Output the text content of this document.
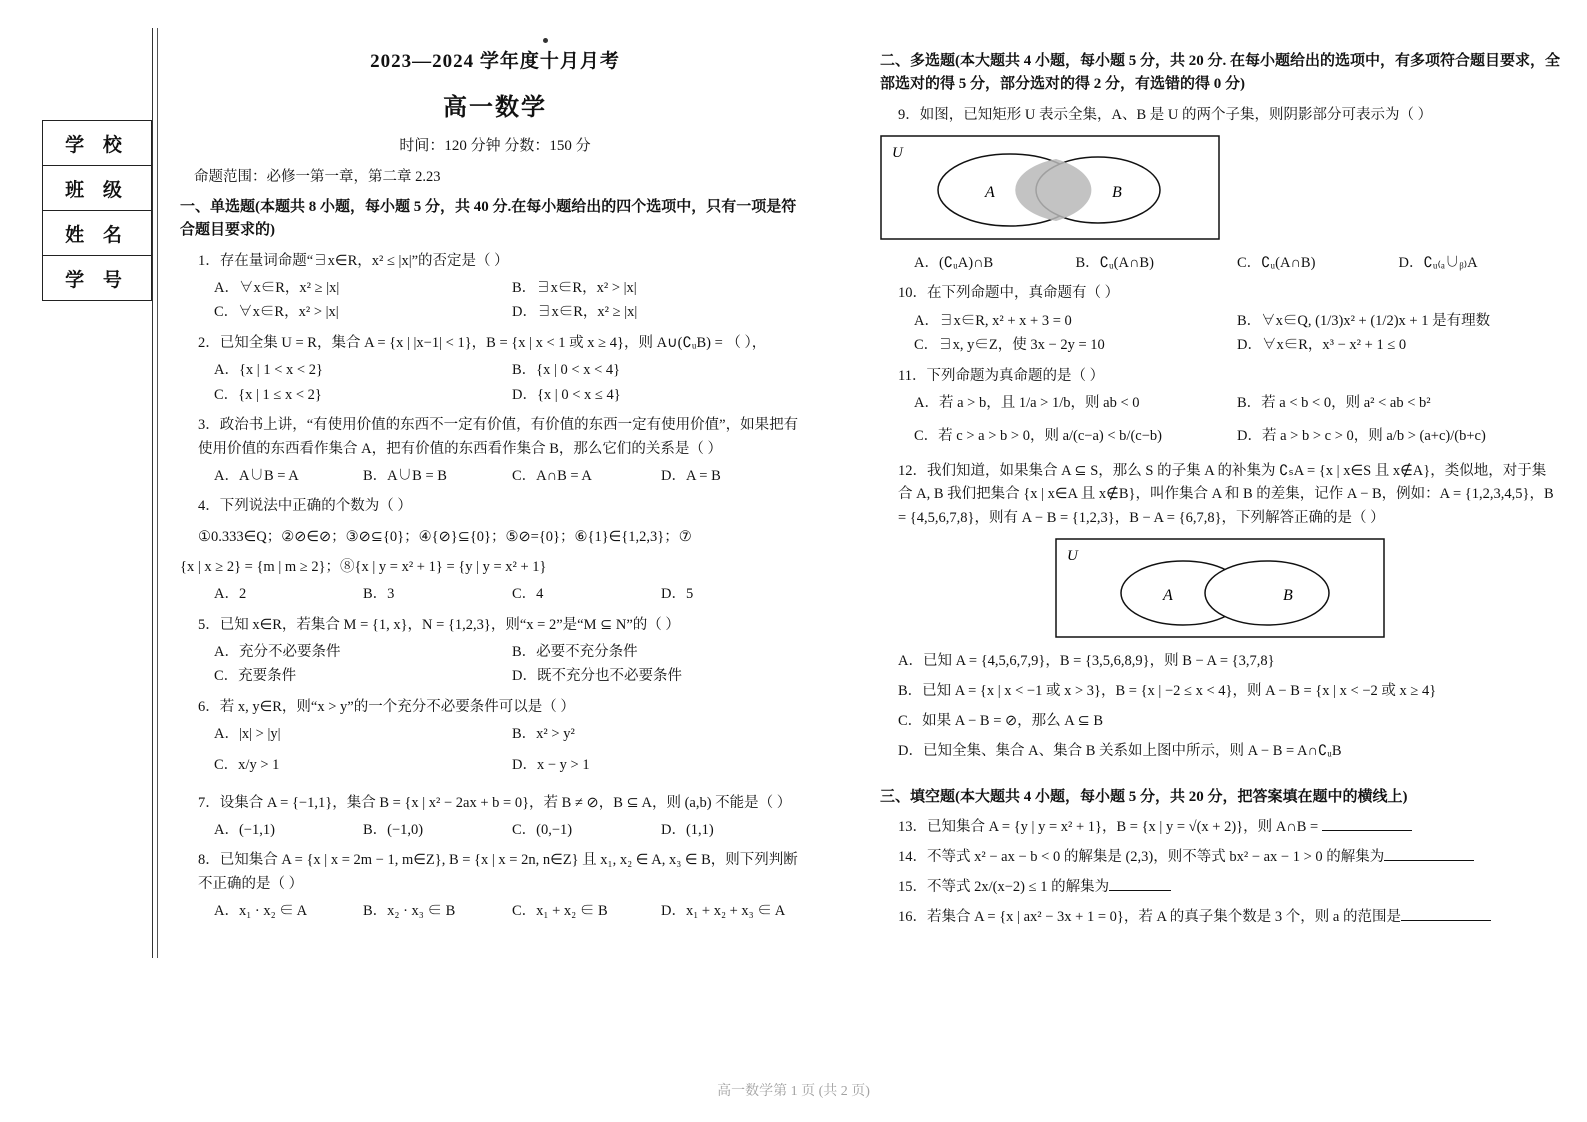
学 校
班 级
姓 名
学 号
2023—2024 学年度十月月考
高一数学
时间：120 分钟 分数：150 分
命题范围：必修一第一章，第二章 2.23
一、单选题(本题共 8 小题，每小题 5 分，共 40 分.在每小题给出的四个选项中，只有一项是符合题目要求的)
1．存在量词命题“∃x∈R，x² ≤ |x|”的否定是（ ）
A．∀x∈R，x² ≥ |x|	B．∃x∈R，x² > |x|
C．∀x∈R，x² > |x|	D．∃x∈R，x² ≥ |x|
2．已知全集 U = R，集合 A = {x | |x−1| < 1}，B = {x | x < 1 或 x ≥ 4}，则 A∪(∁ᵤB) = （ ），
A．{x | 1 < x < 2}	B．{x | 0 < x < 4}
C．{x | 1 ≤ x < 2}	D．{x | 0 < x ≤ 4}
3．政治书上讲，“有使用价值的东西不一定有价值，有价值的东西一定有使用价值”，如果把有使用价值的东西看作集合 A，把有价值的东西看作集合 B，那么它们的关系是（ ）
A．A∪B = A	B．A∪B = B	C．A∩B = A	D．A = B
4．下列说法中正确的个数为（ ）
①0.333∈Q；②⊘∈⊘；③⊘⊆{0}；④{⊘}⊆{0}；⑤⊘={0}；⑥{1}∈{1,2,3}；⑦
{x | x ≥ 2} = {m | m ≥ 2}；⑧{x | y = x² + 1} = {y | y = x² + 1}
A．2	B．3	C．4	D．5
5．已知 x∈R，若集合 M = {1, x}，N = {1,2,3}，则“x = 2”是“M ⊆ N”的（ ）
A．充分不必要条件	B．必要不充分条件
C．充要条件	D．既不充分也不必要条件
6．若 x, y∈R，则“x > y”的一个充分不必要条件可以是（ ）
A．|x| > |y|	B．x² > y²
C．x/y > 1	D．x − y > 1
7．设集合 A = {−1,1}，集合 B = {x | x² − 2ax + b = 0}，若 B ≠ ⊘，B ⊆ A，则 (a,b) 不能是（ ）
A．(−1,1)	B．(−1,0)	C．(0,−1)	D．(1,1)
8．已知集合 A = {x | x = 2m − 1, m∈Z}, B = {x | x = 2n, n∈Z} 且 x₁, x₂ ∈ A, x₃ ∈ B，则下列判断不正确的是（ ）
A．x₁ · x₂ ∈ A	B．x₂ · x₃ ∈ B	C．x₁ + x₂ ∈ B	D．x₁ + x₂ + x₃ ∈ A
二、多选题(本大题共 4 小题，每小题 5 分，共 20 分. 在每小题给出的选项中，有多项符合题目要求，全部选对的得 5 分，部分选对的得 2 分，有选错的得 0 分)
9．如图，已知矩形 U 表示全集，A、B 是 U 的两个子集，则阴影部分可表示为（ ）
U
A	B
A．(∁ᵤA)∩B	B．∁ᵤ(A∩B)	C．∁ᵤ(A∩B)	D．∁ᵤ₍ₐ∪ᵦ₎A
10．在下列命题中，真命题有（ ）
A．∃x∈R, x² + x + 3 = 0	B．∀x∈Q, (1/3)x² + (1/2)x + 1 是有理数
C．∃x, y∈Z，使 3x − 2y = 10	D．∀x∈R，x³ − x² + 1 ≤ 0
11．下列命题为真命题的是（ ）
A．若 a > b，且 1/a > 1/b，则 ab < 0	B．若 a < b < 0，则 a² < ab < b²
C．若 c > a > b > 0，则 a/(c−a) < b/(c−b)	D．若 a > b > c > 0，则 a/b > (a+c)/(b+c)
12．我们知道，如果集合 A ⊆ S，那么 S 的子集 A 的补集为 ∁ₛA = {x | x∈S 且 x∉A}，类似地，对于集合 A, B 我们把集合 {x | x∈A 且 x∉B}，叫作集合 A 和 B 的差集，记作 A − B，例如：A = {1,2,3,4,5}，B = {4,5,6,7,8}，则有 A − B = {1,2,3}，B − A = {6,7,8}，下列解答正确的是（ ）
U
A	B
A．已知 A = {4,5,6,7,9}，B = {3,5,6,8,9}，则 B − A = {3,7,8}
B．已知 A = {x | x < −1 或 x > 3}，B = {x | −2 ≤ x < 4}，则 A − B = {x | x < −2 或 x ≥ 4}
C．如果 A − B = ⊘，那么 A ⊆ B
D．已知全集、集合 A、集合 B 关系如上图中所示，则 A − B = A∩∁ᵤB
三、填空题(本大题共 4 小题，每小题 5 分，共 20 分，把答案填在题中的横线上)
13．已知集合 A = {y | y = x² + 1}，B = {x | y = √(x + 2)}，则 A∩B =
14．不等式 x² − ax − b < 0 的解集是 (2,3)，则不等式 bx² − ax − 1 > 0 的解集为
15．不等式 2x/(x−2) ≤ 1 的解集为
16．若集合 A = {x | ax² − 3x + 1 = 0}，若 A 的真子集个数是 3 个，则 a 的范围是
高一数学第 1 页 (共 2 页)
